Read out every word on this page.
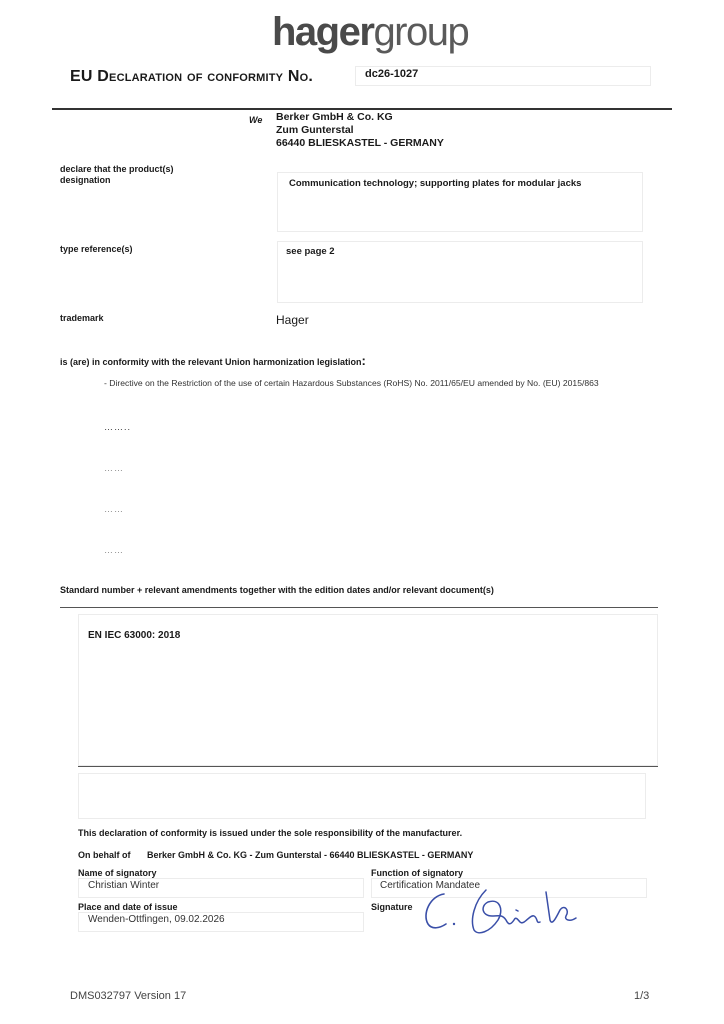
hagergroup
EU Declaration of conformity No.	dc26-1027
We Berker GmbH & Co. KG
Zum Gunterstal
66440 BLIESKASTEL - GERMANY
declare that the product(s)
designation	Communication technology; supporting plates for modular jacks
type reference(s)	see page 2
trademark	Hager
is (are) in conformity with the relevant Union harmonization legislation:
- Directive on the Restriction of the use of certain Hazardous Substances (RoHS) No. 2011/65/EU amended by No. (EU) 2015/863
……..
……
……
……
Standard number + relevant amendments together with the edition dates and/or relevant document(s)
EN IEC 63000: 2018
This declaration of conformity is issued under the sole responsibility of the manufacturer.
On behalf of Berker GmbH & Co. KG - Zum Gunterstal - 66440 BLIESKASTEL - GERMANY
Name of signatory
Christian Winter
Function of signatory
Certification Mandatee
Place and date of issue
Wenden-Ottfingen, 09.02.2026
Signature
DMS032797 Version 17	1/3
